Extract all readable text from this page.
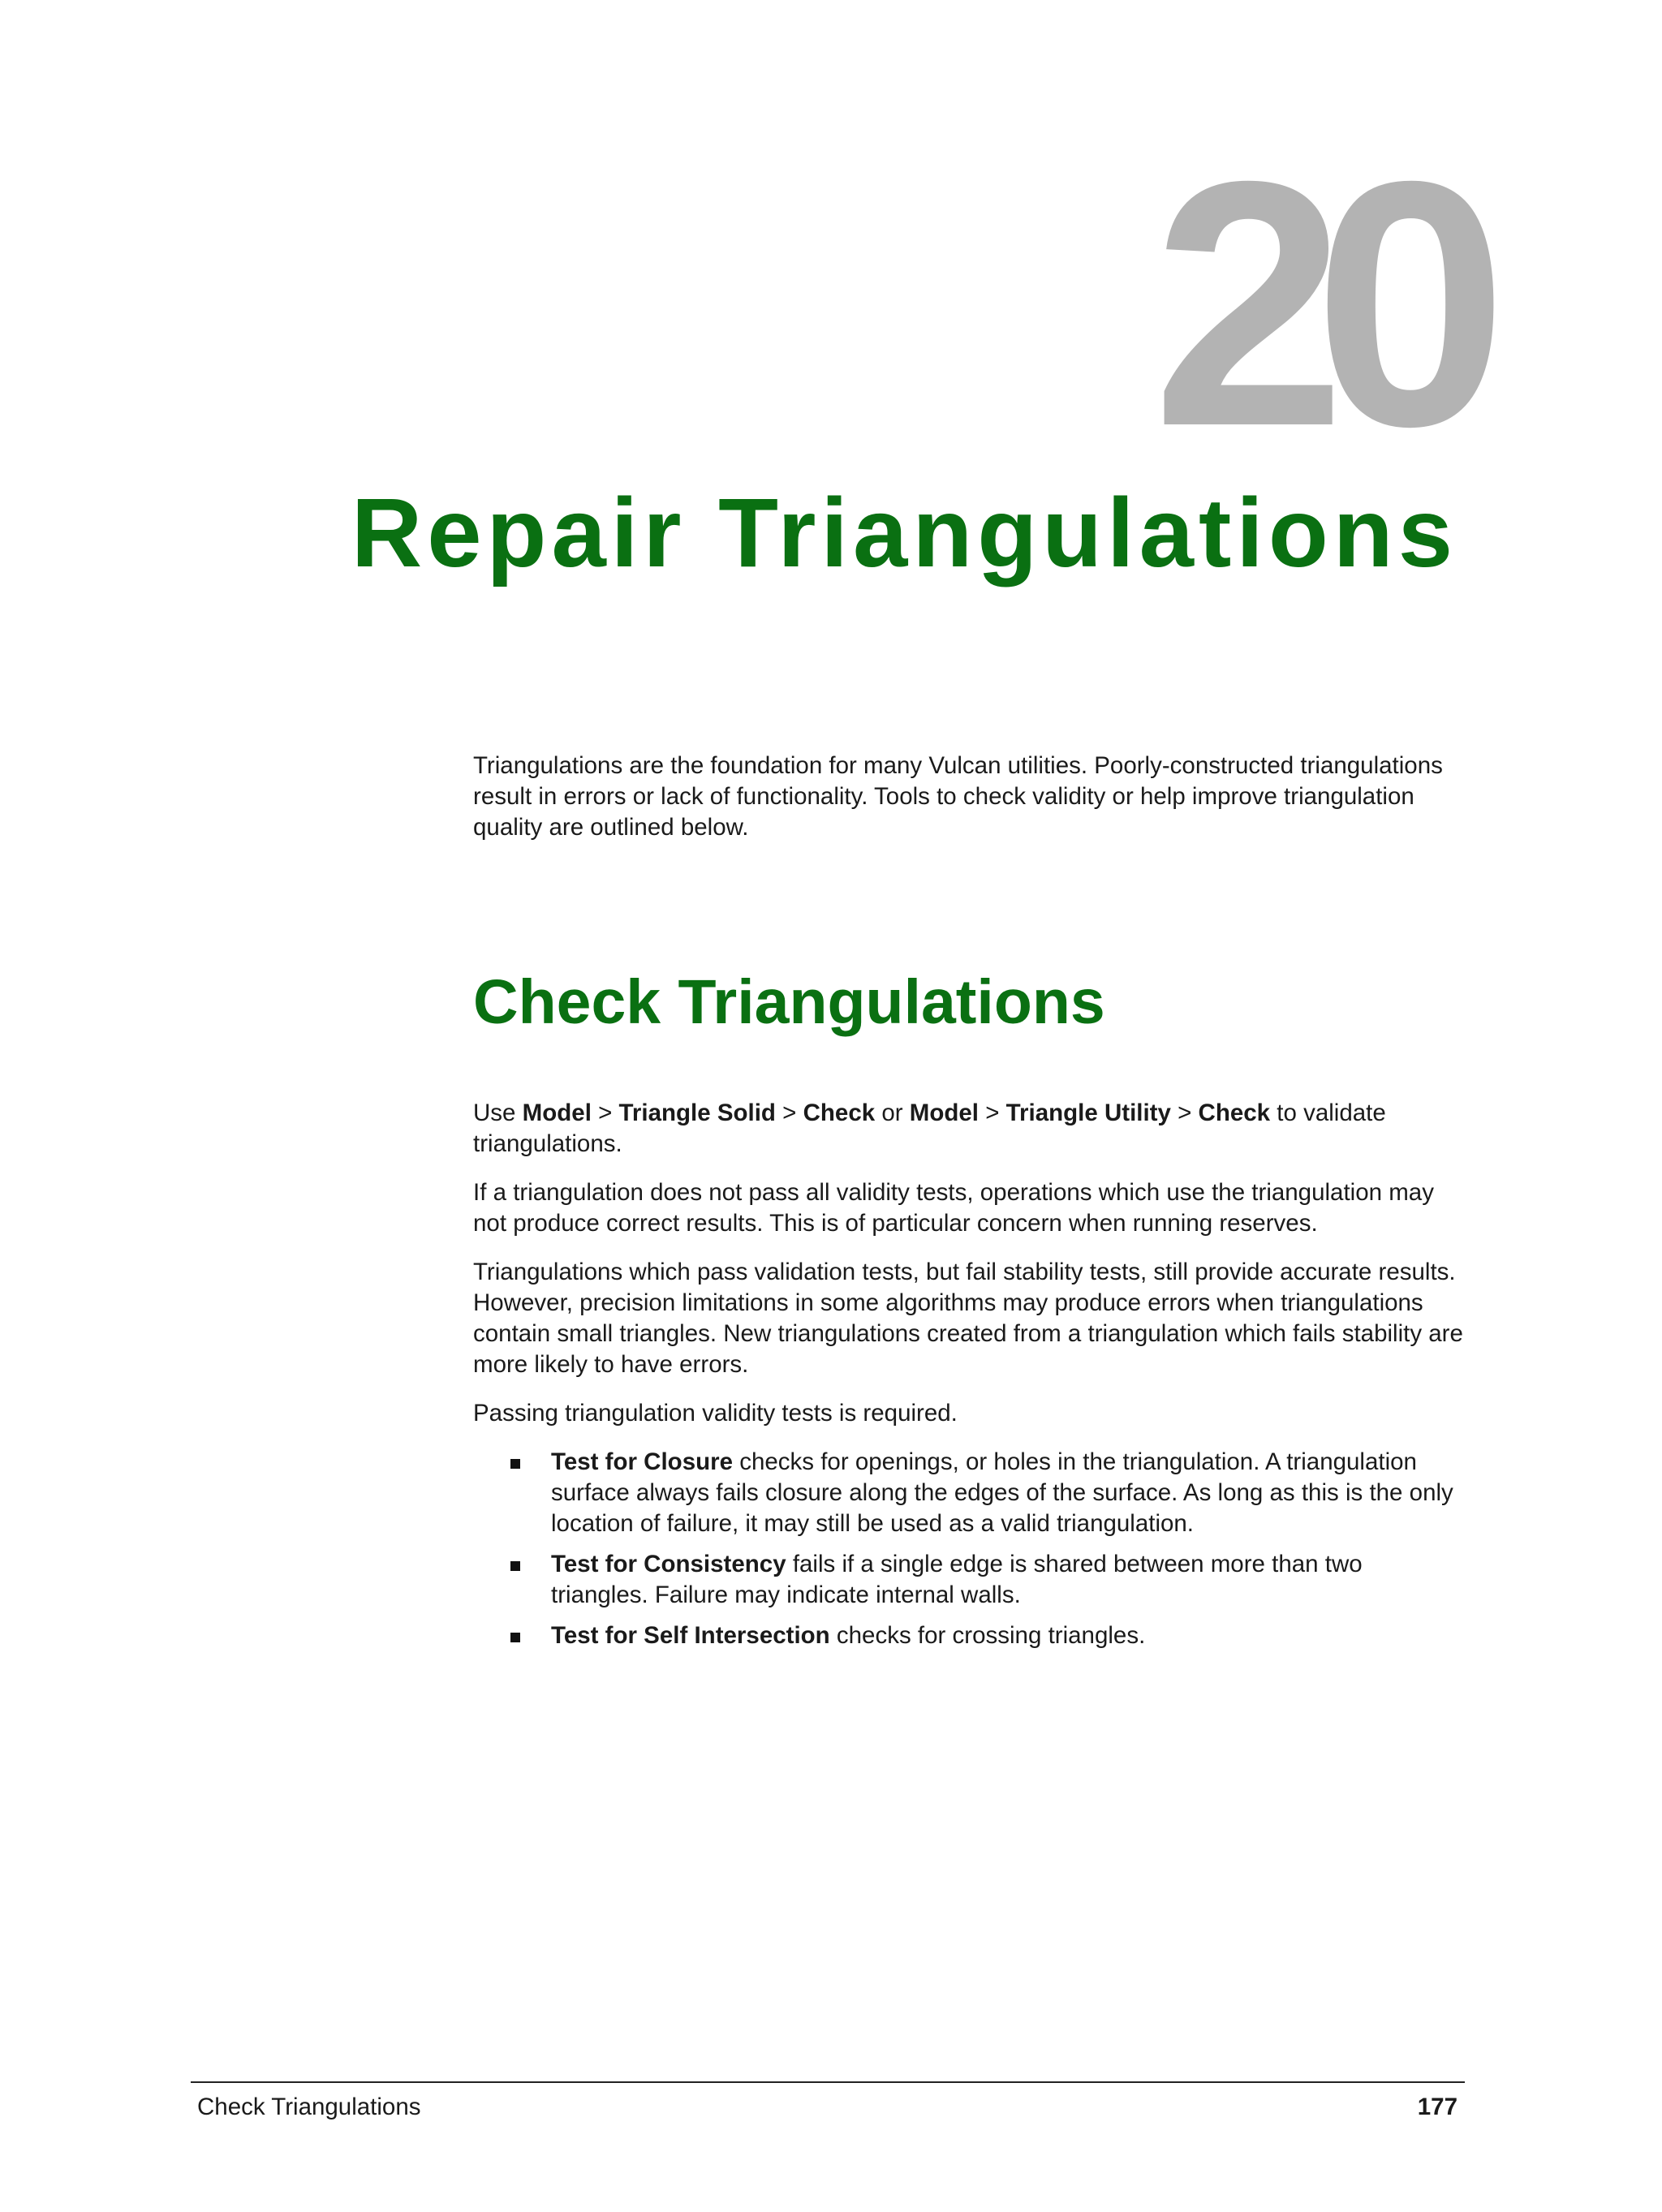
20
Repair Triangulations

Triangulations are the foundation for many Vulcan utilities. Poorly-constructed triangulations result in errors or lack of functionality. Tools to check validity or help improve triangulation quality are outlined below.

Check Triangulations

Use Model > Triangle Solid > Check or Model > Triangle Utility > Check to validate triangulations.

If a triangulation does not pass all validity tests, operations which use the triangulation may not produce correct results. This is of particular concern when running reserves.

Triangulations which pass validation tests, but fail stability tests, still provide accurate results. However, precision limitations in some algorithms may produce errors when triangulations contain small triangles. New triangulations created from a triangulation which fails stability are more likely to have errors.

Passing triangulation validity tests is required.

Test for Closure checks for openings, or holes in the triangulation. A triangulation surface always fails closure along the edges of the surface. As long as this is the only location of failure, it may still be used as a valid triangulation.
Test for Consistency fails if a single edge is shared between more than two triangles. Failure may indicate internal walls.
Test for Self Intersection checks for crossing triangles.
Check Triangulations	177
